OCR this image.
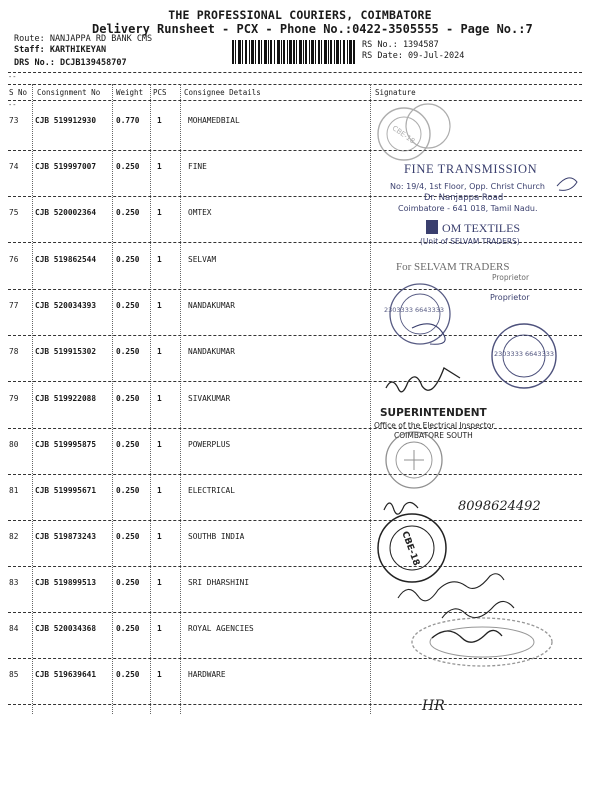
THE PROFESSIONAL COURIERS, COIMBATORE
Delivery Runsheet - PCX - Phone No.:0422-3505555 - Page No.:7
Route: NANJAPPA RD BANK CMS
Staff: KARTHIKEYAN
DRS No.: DCJB139458707
RS No.: 1394587
RS Date: 09-Jul-2024
--
S No Consignment No Weight PCS Consignee Details	Signature
--
73 CJB 519912930	0.770 1	MOHAMEDBIAL
74 CJB 519997007	0.250 1	FINE
75 CJB 520002364	0.250 1	OMTEX
76 CJB 519862544	0.250 1	SELVAM
77 CJB 520034393	0.250 1	NANDAKUMAR
78 CJB 519915302	0.250 1	NANDAKUMAR
79 CJB 519922088	0.250 1	SIVAKUMAR
80 CJB 519995875	0.250 1	POWERPLUS
81 CJB 519995671	0.250 1	ELECTRICAL
82 CJB 519873243	0.250 1	SOUTHB INDIA
83 CJB 519899513	0.250 1	SRI DHARSHINI
84 CJB 520034368	0.250 1	ROYAL AGENCIES
85 CJB 519639641	0.250 1	HARDWARE
CBE-18
FINE TRANSMISSION
No: 19/4, 1st Floor, Opp. Christ Church
Dr. Nanjappa Road
Coimbatore - 641 018, Tamil Nadu.
OM TEXTILES
(Unit of SELVAM TRADERS)
For SELVAM TRADERS
Proprietor
2303333 6643333
Proprietor
2303333 6643333
SUPERINTENDENT
Office of the Electrical Inspector
COIMBATORE SOUTH
8098624492
CBE-18
HR
